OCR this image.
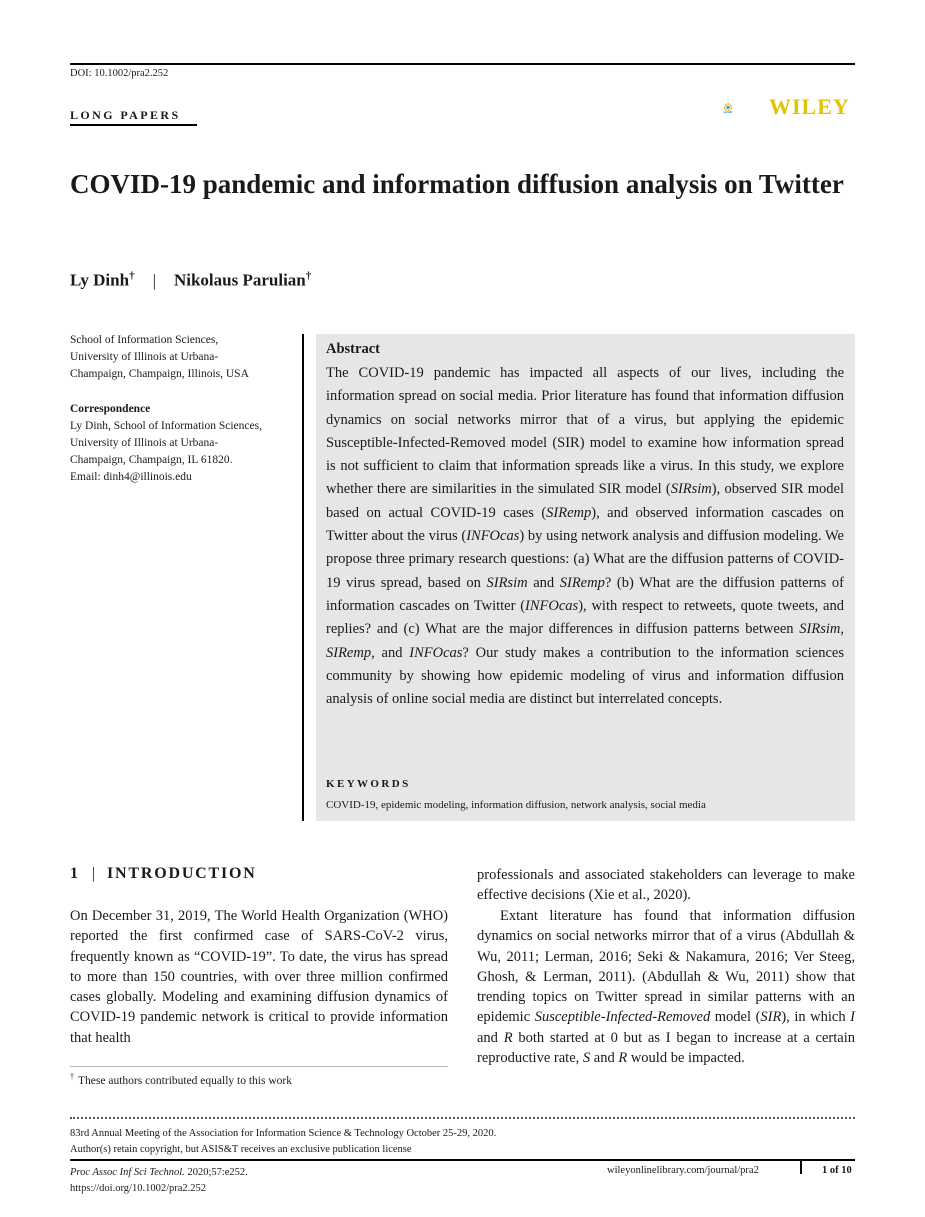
DOI: 10.1002/pra2.252
LONG PAPERS	asis&t WILEY
COVID-19 pandemic and information diffusion analysis on Twitter
Ly Dinh† | Nikolaus Parulian†
School of Information Sciences,
University of Illinois at Urbana-
Champaign, Champaign, Illinois, USA
Correspondence
Ly Dinh, School of Information Sciences,
University of Illinois at Urbana-
Champaign, Champaign, IL 61820.
Email: dinh4@illinois.edu
Abstract
The COVID-19 pandemic has impacted all aspects of our lives, including the information spread on social media. Prior literature has found that information diffusion dynamics on social networks mirror that of a virus, but applying the epidemic Susceptible-Infected-Removed model (SIR) model to examine how information spread is not sufficient to claim that information spreads like a virus. In this study, we explore whether there are similarities in the simulated SIR model (SIRsim), observed SIR model based on actual COVID-19 cases (SIRemp), and observed information cascades on Twitter about the virus (INFOcas) by using network analysis and diffusion modeling. We propose three primary research questions: (a) What are the diffusion patterns of COVID-19 virus spread, based on SIRsim and SIRemp? (b) What are the diffusion patterns of information cascades on Twitter (INFOcas), with respect to retweets, quote tweets, and replies? and (c) What are the major differences in diffusion patterns between SIRsim, SIRemp, and INFOcas? Our study makes a contribution to the information sciences community by showing how epidemic modeling of virus and information diffusion analysis of online social media are distinct but interrelated concepts.
KEYWORDS
COVID-19, epidemic modeling, information diffusion, network analysis, social media
1 | INTRODUCTION
On December 31, 2019, The World Health Organization (WHO) reported the first confirmed case of SARS-CoV-2 virus, frequently known as “COVID-19”. To date, the virus has spread to more than 150 countries, with over three million confirmed cases globally. Modeling and examining diffusion dynamics of COVID-19 pandemic network is critical to provide information that health
professionals and associated stakeholders can leverage to make effective decisions (Xie et al., 2020).
Extant literature has found that information diffusion dynamics on social networks mirror that of a virus (Abdullah & Wu, 2011; Lerman, 2016; Seki & Nakamura, 2016; Ver Steeg, Ghosh, & Lerman, 2011). (Abdullah & Wu, 2011) show that trending topics on Twitter spread in similar patterns with an epidemic Susceptible-Infected-Removed model (SIR), in which I and R both started at 0 but as I began to increase at a certain reproductive rate, S and R would be impacted.
† These authors contributed equally to this work
83rd Annual Meeting of the Association for Information Science & Technology October 25-29, 2020.
Author(s) retain copyright, but ASIS&T receives an exclusive publication license
Proc Assoc Inf Sci Technol. 2020;57:e252.
https://doi.org/10.1002/pra2.252
wileyonlinelibrary.com/journal/pra2	1 of 10
